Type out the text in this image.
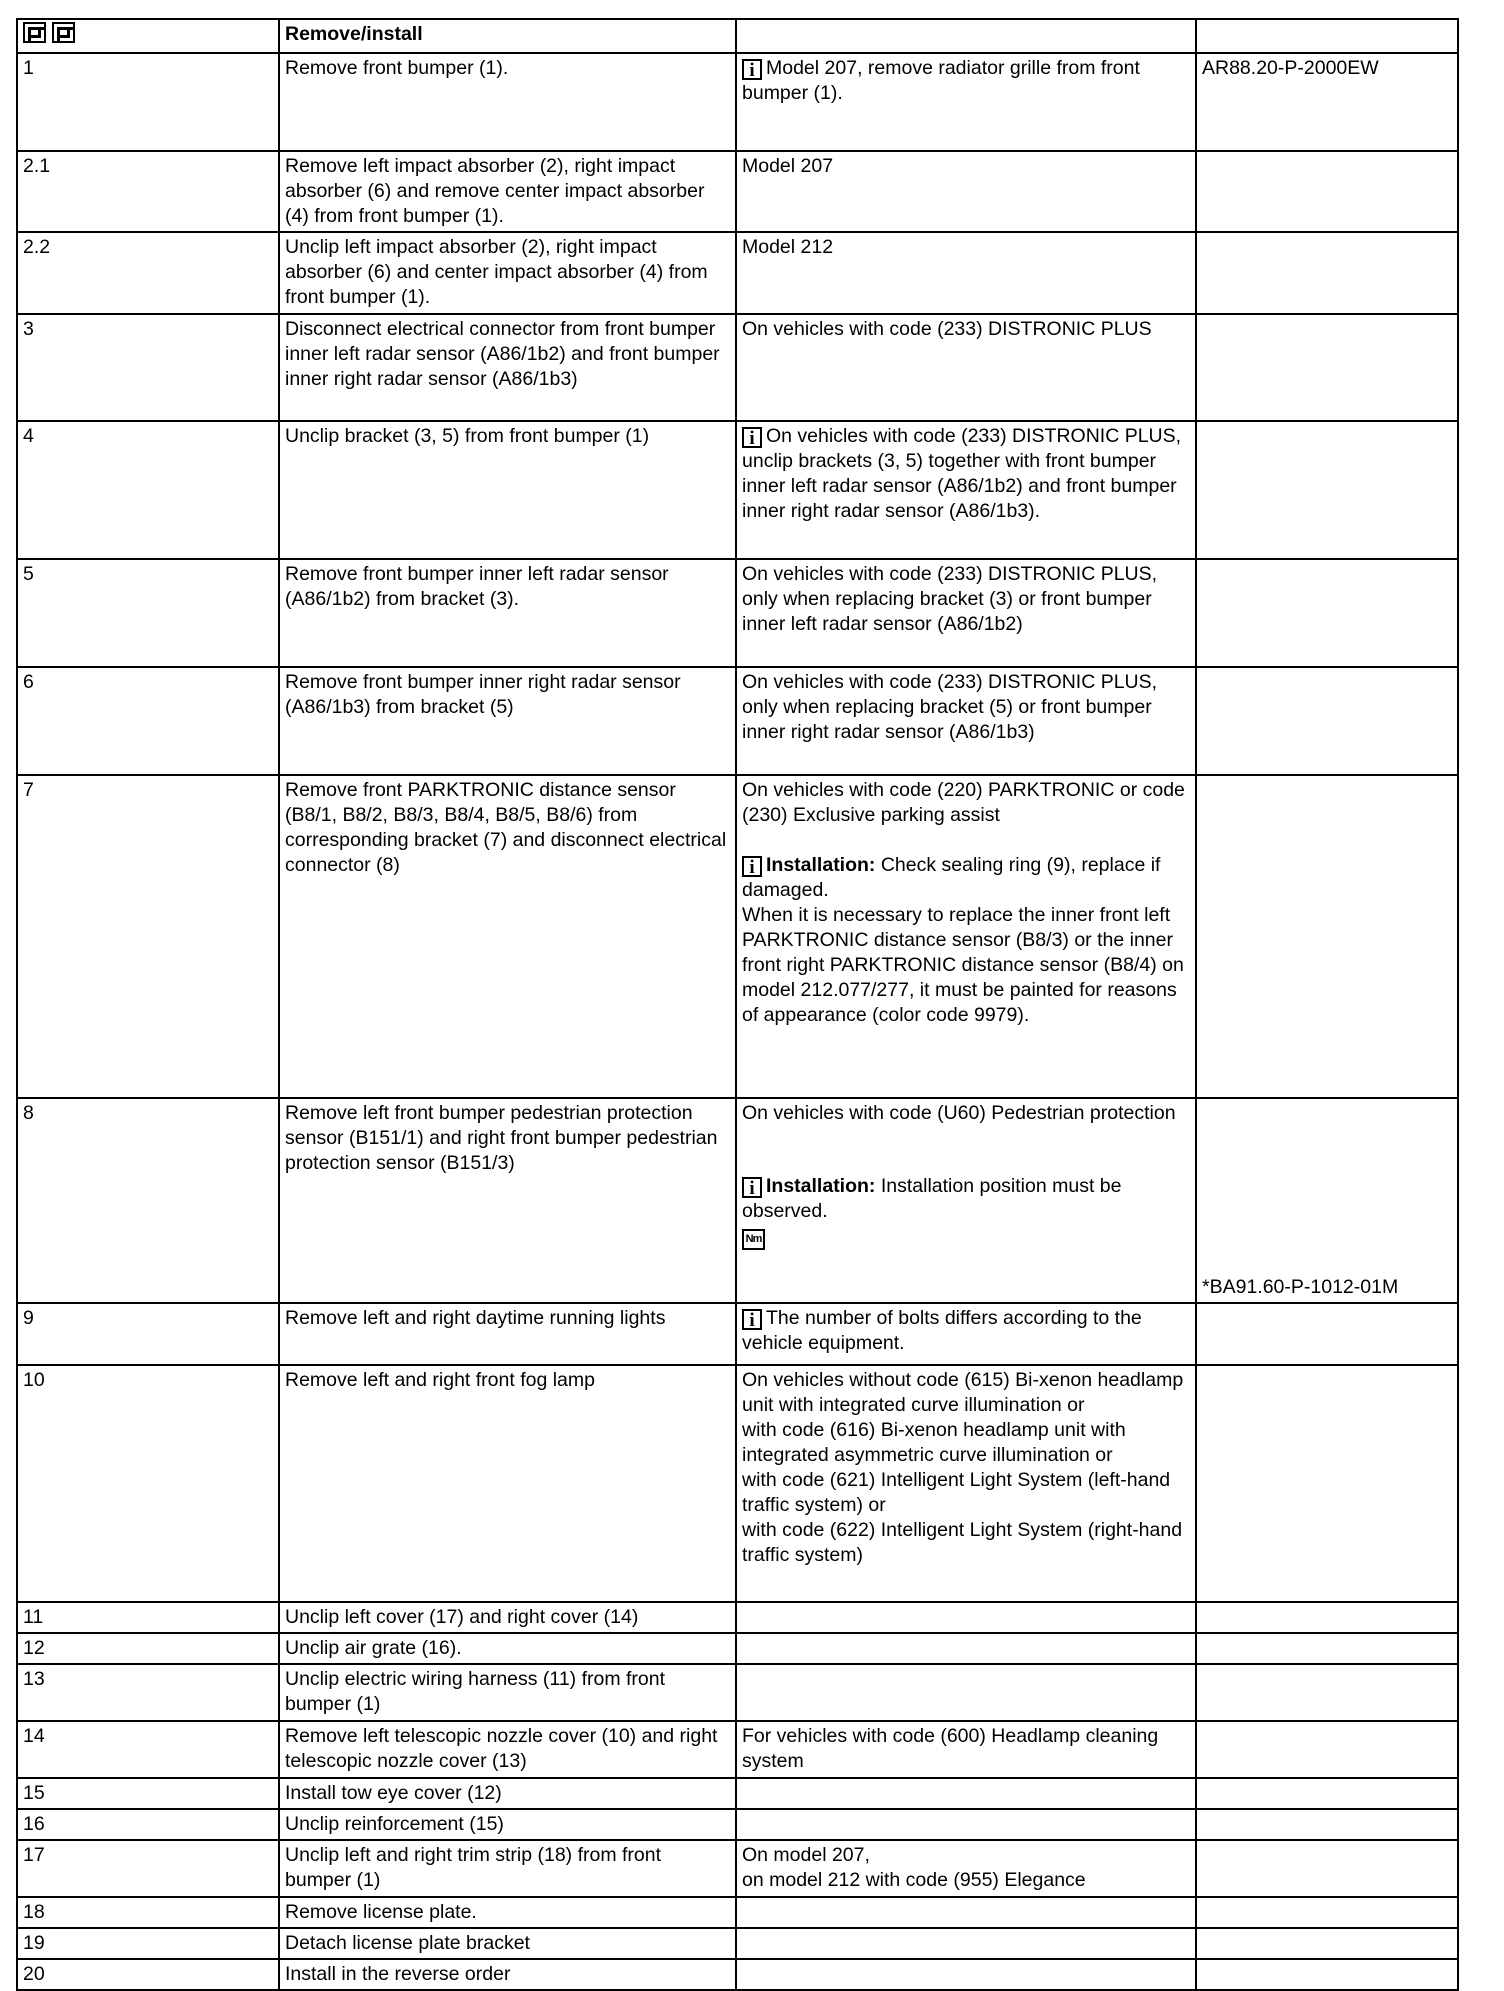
	Remove/install		
1	Remove front bumper (1).	i Model 207, remove radiator grille from front bumper (1).	AR88.20-P-2000EW
2.1	Remove left impact absorber (2), right impact absorber (6) and remove center impact absorber (4) from front bumper (1).	Model 207	
2.2	Unclip left impact absorber (2), right impact absorber (6) and center impact absorber (4) from front bumper (1).	Model 212	
3	Disconnect electrical connector from front bumper inner left radar sensor (A86/1b2) and front bumper inner right radar sensor (A86/1b3)	On vehicles with code (233) DISTRONIC PLUS	
4	Unclip bracket (3, 5) from front bumper (1)	i On vehicles with code (233) DISTRONIC PLUS, unclip brackets (3, 5) together with front bumper inner left radar sensor (A86/1b2) and front bumper inner right radar sensor (A86/1b3).	
5	Remove front bumper inner left radar sensor (A86/1b2) from bracket (3).	On vehicles with code (233) DISTRONIC PLUS, only when replacing bracket (3) or front bumper inner left radar sensor (A86/1b2)	
6	Remove front bumper inner right radar sensor (A86/1b3) from bracket (5)	On vehicles with code (233) DISTRONIC PLUS, only when replacing bracket (5) or front bumper inner right radar sensor (A86/1b3)	
7	Remove front PARKTRONIC distance sensor (B8/1, B8/2, B8/3, B8/4, B8/5, B8/6) from corresponding bracket (7) and disconnect electrical connector (8)	On vehicles with code (220) PARKTRONIC or code (230) Exclusive parking assist
i Installation: Check sealing ring (9), replace if damaged.
When it is necessary to replace the inner front left PARKTRONIC distance sensor (B8/3) or the inner front right PARKTRONIC distance sensor (B8/4) on model 212.077/277, it must be painted for reasons of appearance (color code 9979).	

8	Remove left front bumper pedestrian protection sensor (B151/1) and right front bumper pedestrian protection sensor (B151/3)	On vehicles with code (U60) Pedestrian protection
i Installation: Installation position must be observed.
Nm	*BA91.60-P-1012-01M
9	Remove left and right daytime running lights	i The number of bolts differs according to the vehicle equipment.	
10	Remove left and right front fog lamp	On vehicles without code (615) Bi-xenon headlamp unit with integrated curve illumination or
with code (616) Bi-xenon headlamp unit with integrated asymmetric curve illumination or
with code (621) Intelligent Light System (left-hand traffic system) or
with code (622) Intelligent Light System (right-hand traffic system)	

11	Unclip left cover (17) and right cover (14)		
12	Unclip air grate (16).		
13	Unclip electric wiring harness (11) from front bumper (1)		
14	Remove left telescopic nozzle cover (10) and right telescopic nozzle cover (13)	For vehicles with code (600) Headlamp cleaning system	
15	Install tow eye cover (12)		
16	Unclip reinforcement (15)		
17	Unclip left and right trim strip (18) from front bumper (1)	On model 207,
on model 212 with code (955) Elegance	

18	Remove license plate.		
19	Detach license plate bracket		
20	Install in the reverse order		
